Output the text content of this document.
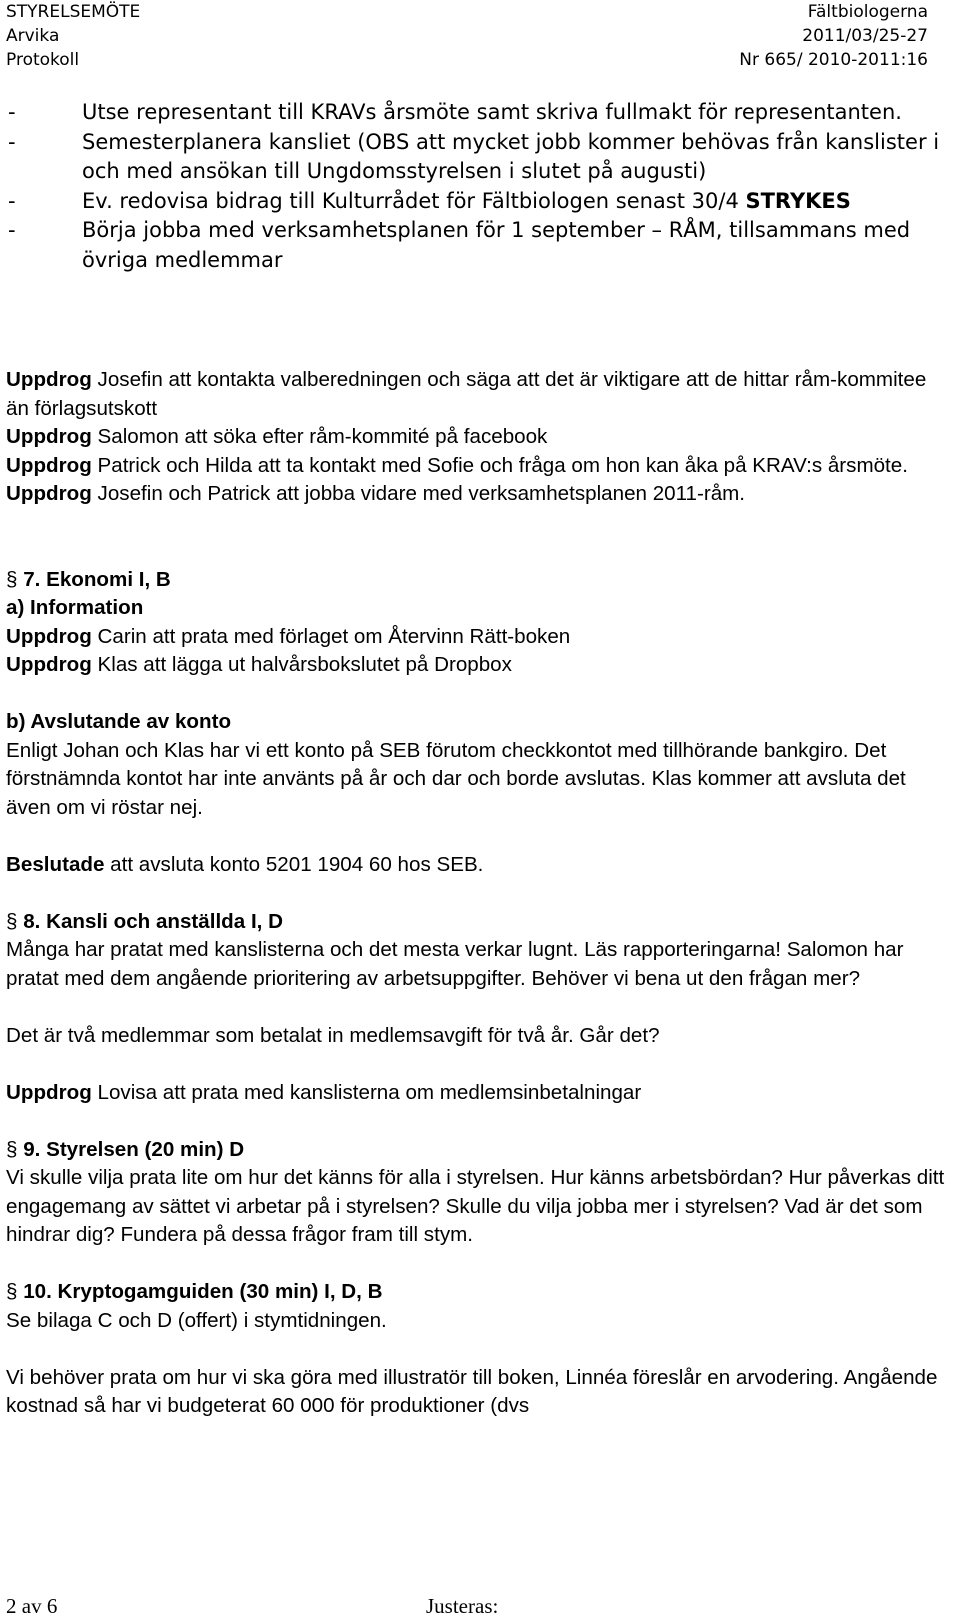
STYRELSEMÖTE
Arvika
Protokoll
Fältbiologerna
2011/03/25-27
Nr 665/ 2010-2011:16
-	Utse representant till KRAVs årsmöte samt skriva fullmakt för representanten.
-	Semesterplanera kansliet (OBS att mycket jobb kommer behövas från kanslister i och med ansökan till Ungdomsstyrelsen i slutet på augusti)
-	Ev. redovisa bidrag till Kulturrådet för Fältbiologen senast 30/4 STRYKES
-	Börja jobba med verksamhetsplanen för 1 september – RÅM, tillsammans med övriga medlemmar

Uppdrog Josefin att kontakta valberedningen och säga att det är viktigare att de hittar råm-kommitee än förlagsutskott

Uppdrog Salomon att söka efter råm-kommité på facebook

Uppdrog Patrick och Hilda att ta kontakt med Sofie och fråga om hon kan åka på KRAV:s årsmöte.

Uppdrog Josefin och Patrick att jobba vidare med verksamhetsplanen 2011-råm.

§ 7. Ekonomi I, B

a) Information

Uppdrog Carin att prata med förlaget om Återvinn Rätt-boken

Uppdrog Klas att lägga ut halvårsbokslutet på Dropbox

b) Avslutande av konto

Enligt Johan och Klas har vi ett konto på SEB förutom checkkontot med tillhörande bankgiro. Det förstnämnda kontot har inte använts på år och dar och borde avslutas. Klas kommer att avsluta det även om vi röstar nej.

Beslutade att avsluta konto 5201 1904 60 hos SEB.

§ 8. Kansli och anställda I, D

Många har pratat med kanslisterna och det mesta verkar lugnt. Läs rapporteringarna! Salomon har pratat med dem angående prioritering av arbetsuppgifter. Behöver vi bena ut den frågan mer?

Det är två medlemmar som betalat in medlemsavgift för två år. Går det?

Uppdrog Lovisa att prata med kanslisterna om medlemsinbetalningar

§ 9. Styrelsen (20 min) D

Vi skulle vilja prata lite om hur det känns för alla i styrelsen. Hur känns arbetsbördan? Hur påverkas ditt engagemang av sättet vi arbetar på i styrelsen? Skulle du vilja jobba mer i styrelsen? Vad är det som hindrar dig? Fundera på dessa frågor fram till stym.

§ 10. Kryptogamguiden (30 min) I, D, B

Se bilaga C och D (offert) i stymtidningen.

Vi behöver prata om hur vi ska göra med illustratör till boken, Linnéa föreslår en arvodering. Angående kostnad så har vi budgeterat 60 000 för produktioner (dvs

2 av 6	Justeras:
